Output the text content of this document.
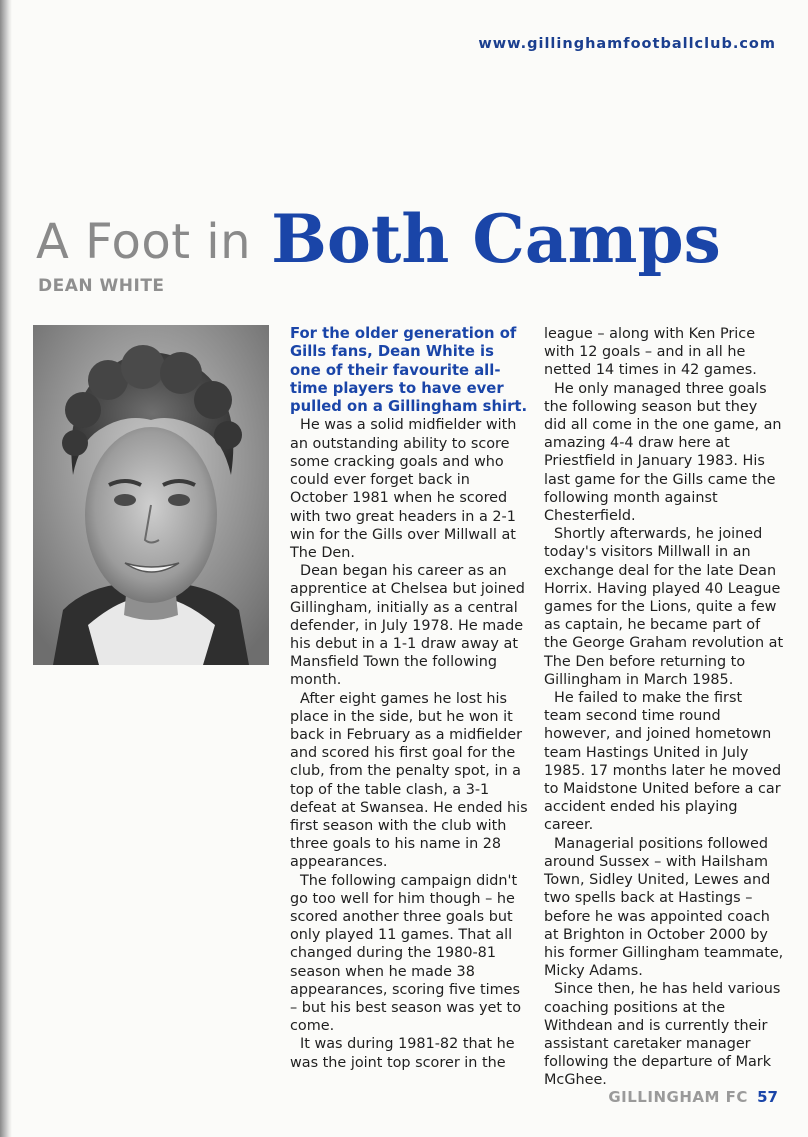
www.gillinghamfootballclub.com
A Foot in Both Camps
DEAN WHITE

For the older generation of Gills fans, Dean White is one of their favourite all-time players to have ever pulled on a Gillingham shirt.

He was a solid midfielder with an outstanding ability to score some cracking goals and who could ever forget back in October 1981 when he scored with two great headers in a 2-1 win for the Gills over Millwall at The Den.

Dean began his career as an apprentice at Chelsea but joined Gillingham, initially as a central defender, in July 1978. He made his debut in a 1-1 draw away at Mansfield Town the following month.

After eight games he lost his place in the side, but he won it back in February as a midfielder and scored his first goal for the club, from the penalty spot, in a top of the table clash, a 3-1 defeat at Swansea. He ended his first season with the club with three goals to his name in 28 appearances.

The following campaign didn't go too well for him though – he scored another three goals but only played 11 games. That all changed during the 1980-81 season when he made 38 appearances, scoring five times – but his best season was yet to come.

It was during 1981-82 that he was the joint top scorer in the

league – along with Ken Price with 12 goals – and in all he netted 14 times in 42 games.

He only managed three goals the following season but they did all come in the one game, an amazing 4-4 draw here at Priestfield in January 1983. His last game for the Gills came the following month against Chesterfield.

Shortly afterwards, he joined today's visitors Millwall in an exchange deal for the late Dean Horrix. Having played 40 League games for the Lions, quite a few as captain, he became part of the George Graham revolution at The Den before returning to Gillingham in March 1985.

He failed to make the first team second time round however, and joined hometown team Hastings United in July 1985. 17 months later he moved to Maidstone United before a car accident ended his playing career.

Managerial positions followed around Sussex – with Hailsham Town, Sidley United, Lewes and two spells back at Hastings – before he was appointed coach at Brighton in October 2000 by his former Gillingham teammate, Micky Adams.

Since then, he has held various coaching positions at the Withdean and is currently their assistant caretaker manager following the departure of Mark McGhee.

GILLINGHAM FC 57
